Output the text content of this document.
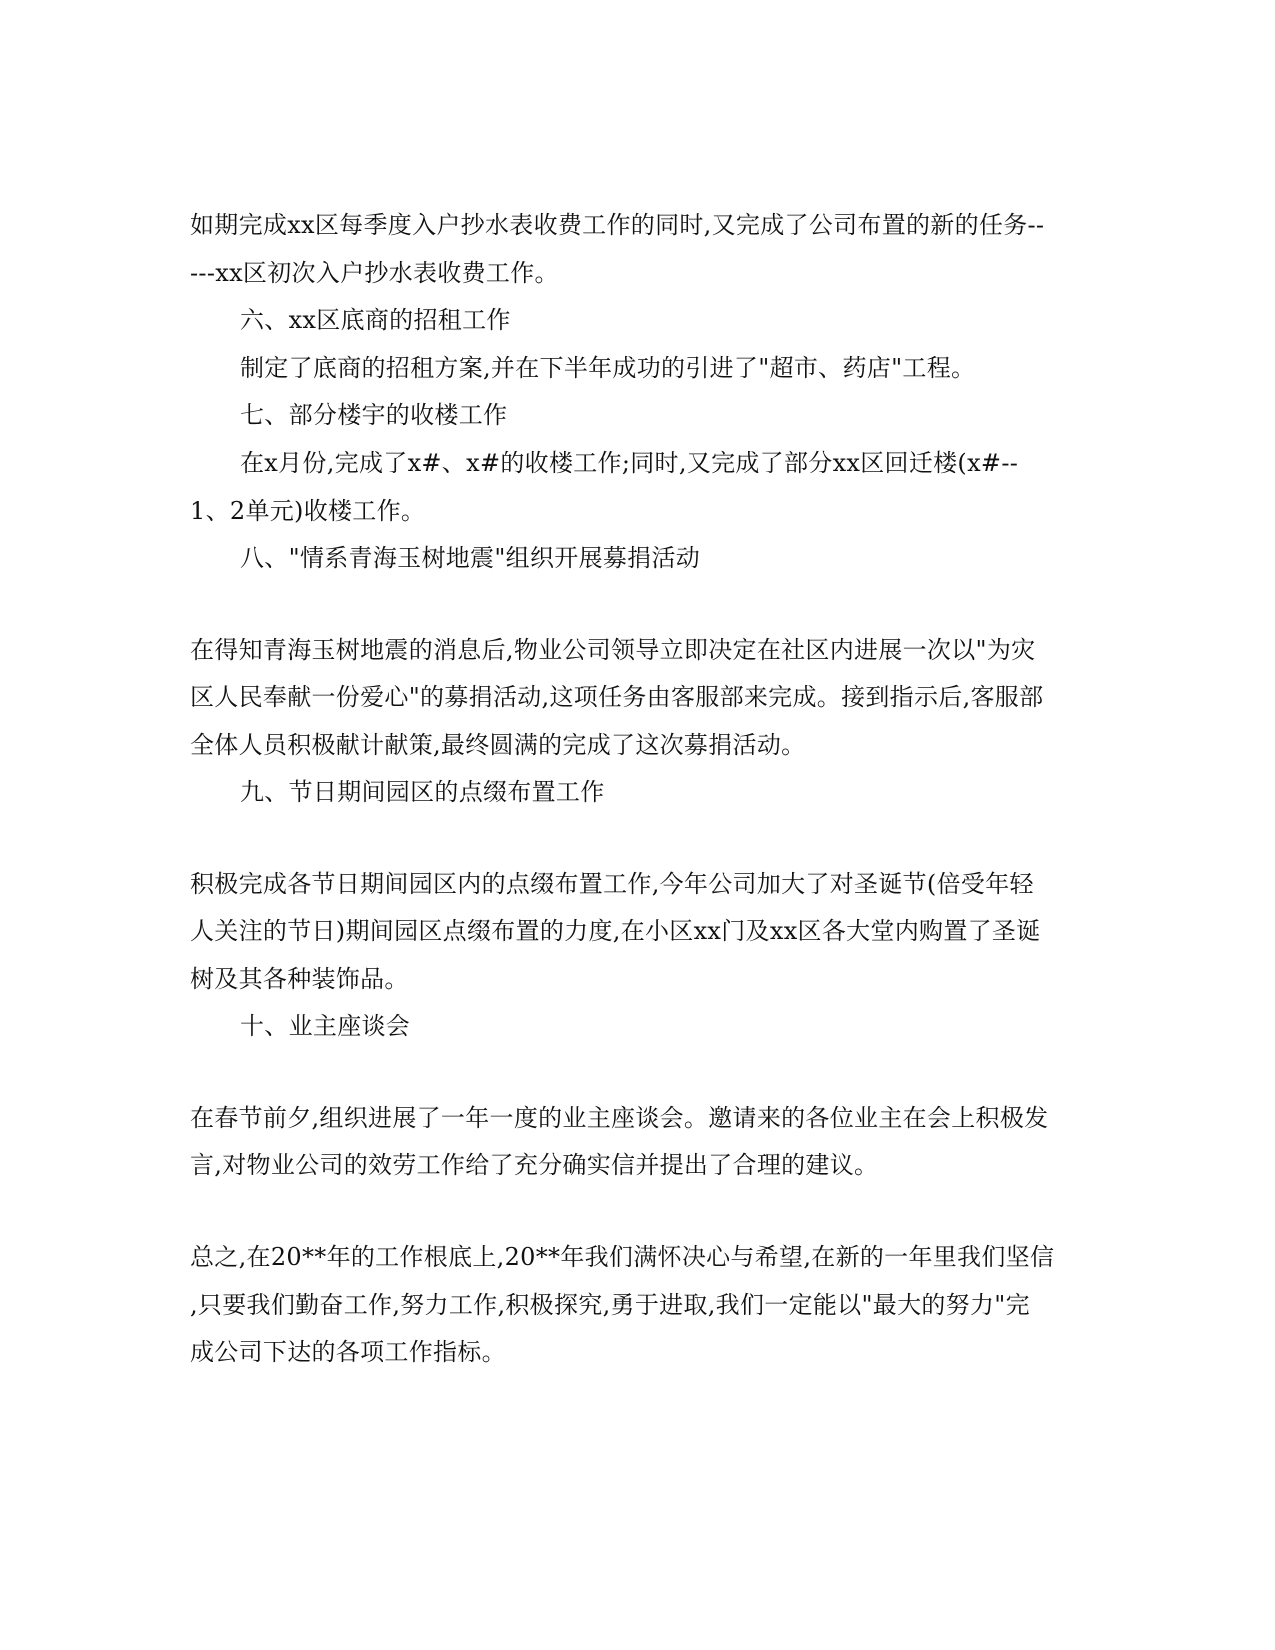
如期完成xx区每季度入户抄水表收费工作的同时,又完成了公司布置的新的任务--
---xx区初次入户抄水表收费工作。
六、xx区底商的招租工作
制定了底商的招租方案,并在下半年成功的引进了"超市、药店"工程。
七、部分楼宇的收楼工作
在x月份,完成了x#、x#的收楼工作;同时,又完成了部分xx区回迁楼(x#--
1、2单元)收楼工作。
八、"情系青海玉树地震"组织开展募捐活动
在得知青海玉树地震的消息后,物业公司领导立即决定在社区内进展一次以"为灾
区人民奉献一份爱心"的募捐活动,这项任务由客服部来完成。接到指示后,客服部
全体人员积极献计献策,最终圆满的完成了这次募捐活动。
九、节日期间园区的点缀布置工作
积极完成各节日期间园区内的点缀布置工作,今年公司加大了对圣诞节(倍受年轻
人关注的节日)期间园区点缀布置的力度,在小区xx门及xx区各大堂内购置了圣诞
树及其各种装饰品。
十、业主座谈会
在春节前夕,组织进展了一年一度的业主座谈会。邀请来的各位业主在会上积极发
言,对物业公司的效劳工作给了充分确实信并提出了合理的建议。
总之,在20**年的工作根底上,20**年我们满怀决心与希望,在新的一年里我们坚信
,只要我们勤奋工作,努力工作,积极探究,勇于进取,我们一定能以"最大的努力"完
成公司下达的各项工作指标。
